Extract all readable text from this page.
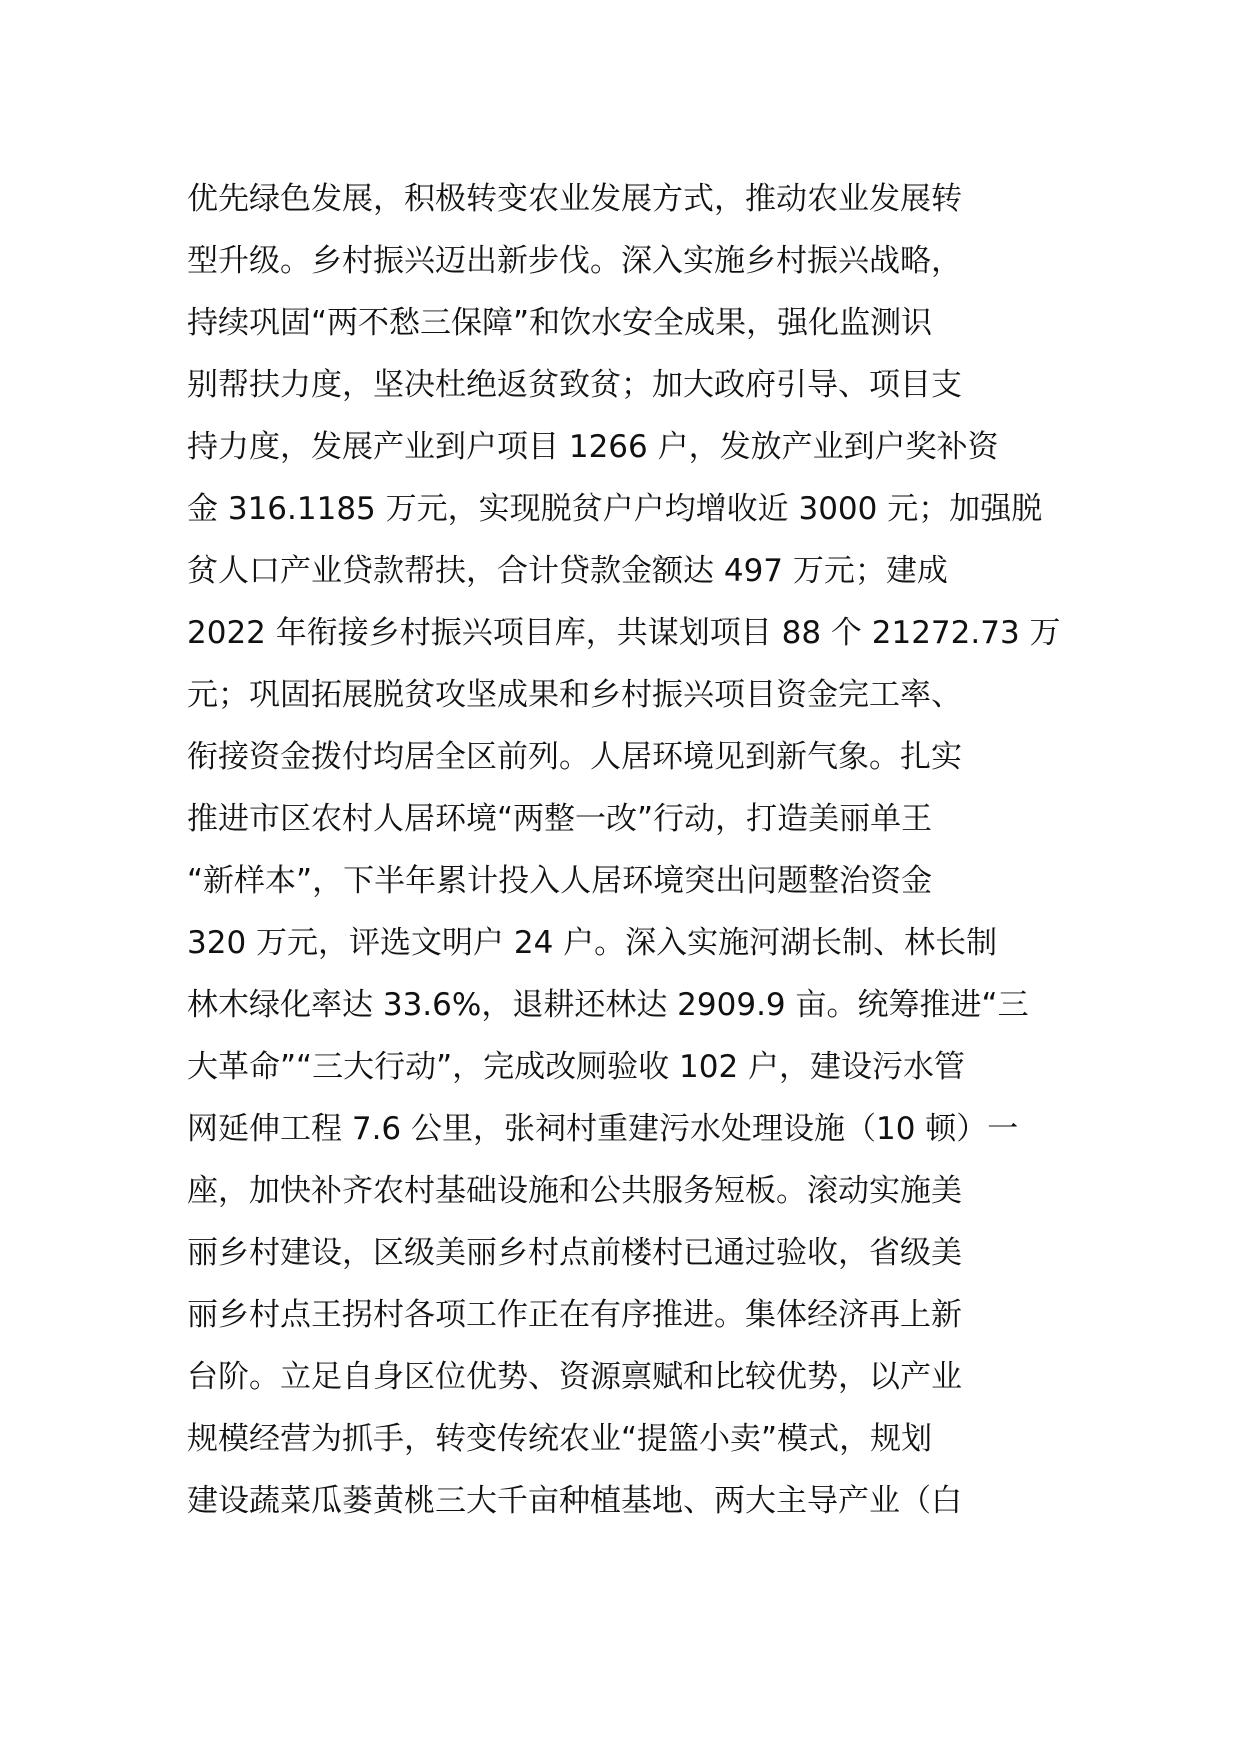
优先绿色发展，积极转变农业发展方式，推动农业发展转
型升级。乡村振兴迈出新步伐。深入实施乡村振兴战略，
持续巩固“两不愁三保障”和饮水安全成果，强化监测识
别帮扶力度，坚决杜绝返贫致贫；加大政府引导、项目支
持力度，发展产业到户项目 1266 户，发放产业到户奖补资
金 316.1185 万元，实现脱贫户户均增收近 3000 元；加强脱
贫人口产业贷款帮扶，合计贷款金额达 497 万元；建成
2022 年衔接乡村振兴项目库，共谋划项目 88 个 21272.73 万
元；巩固拓展脱贫攻坚成果和乡村振兴项目资金完工率、
衔接资金拨付均居全区前列。人居环境见到新气象。扎实
推进市区农村人居环境“两整一改”行动，打造美丽单王
“新样本”，下半年累计投入人居环境突出问题整治资金
320 万元，评选文明户 24 户。深入实施河湖长制、林长制
林木绿化率达 33.6%，退耕还林达 2909.9 亩。统筹推进“三
大革命”“三大行动”，完成改厕验收 102 户，建设污水管
网延伸工程 7.6 公里，张祠村重建污水处理设施（10 顿）一
座，加快补齐农村基础设施和公共服务短板。滚动实施美
丽乡村建设，区级美丽乡村点前楼村已通过验收，省级美
丽乡村点王拐村各项工作正在有序推进。集体经济再上新
台阶。立足自身区位优势、资源禀赋和比较优势，以产业
规模经营为抓手，转变传统农业“提篮小卖”模式，规划
建设蔬菜瓜蒌黄桃三大千亩种植基地、两大主导产业（白
